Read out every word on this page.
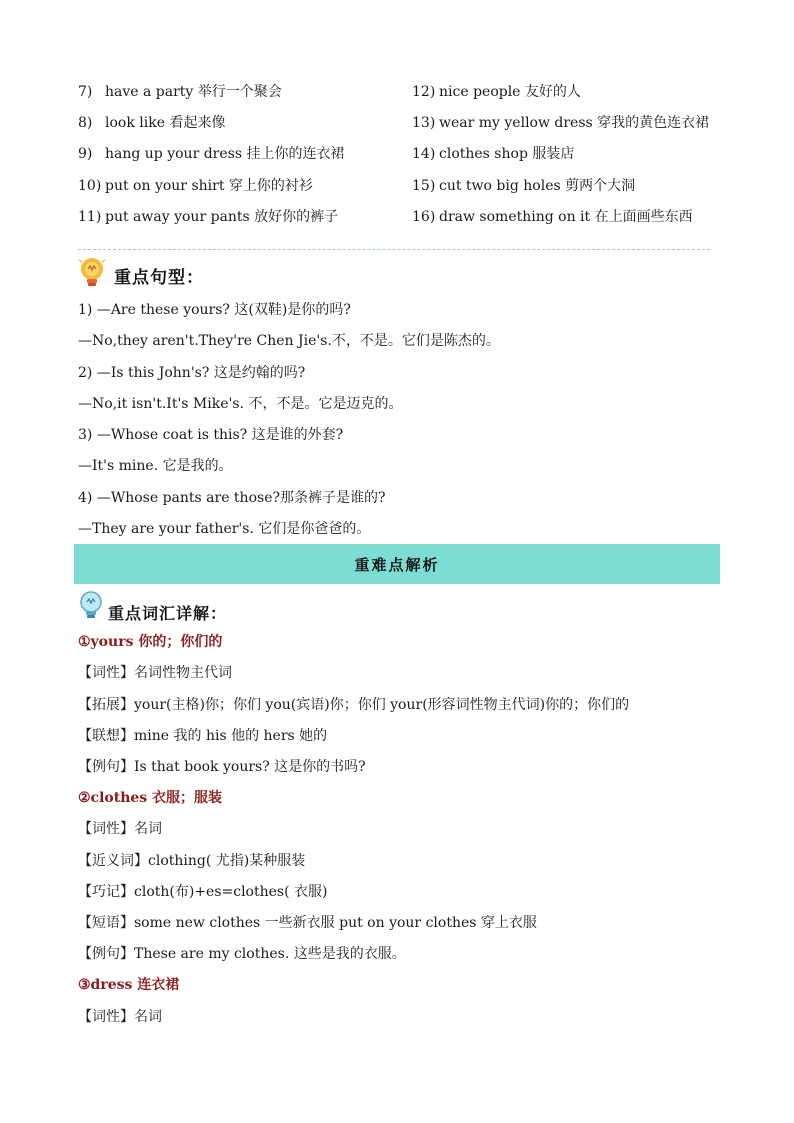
7) have a party 举行一个聚会
8) look like 看起来像
9) hang up your dress 挂上你的连衣裙
10) put on your shirt 穿上你的衬衫
11) put away your pants 放好你的裤子
12) nice people 友好的人
13) wear my yellow dress 穿我的黄色连衣裙
14) clothes shop 服装店
15) cut two big holes 剪两个大洞
16) draw something on it 在上面画些东西
重点句型：
1) —Are these yours? 这(双鞋)是你的吗?
—No,they aren't.They're Chen Jie's.不，不是。它们是陈杰的。
2) —Is this John's? 这是约翰的吗?
—No,it isn't.It's Mike's. 不，不是。它是迈克的。
3) —Whose coat is this? 这是谁的外套?
—It's mine. 它是我的。
4) —Whose pants are those?那条裤子是谁的?
—They are your father's. 它们是你爸爸的。
重难点解析
重点词汇详解：
①yours 你的；你们的
【词性】名词性物主代词
【拓展】your(主格)你；你们 you(宾语)你；你们 your(形容词性物主代词)你的；你们的
【联想】mine 我的 his 他的 hers 她的
【例句】Is that book yours? 这是你的书吗?
②clothes 衣服；服装
【词性】名词
【近义词】clothing( 尤指)某种服装
【巧记】cloth(布)+es=clothes( 衣服)
【短语】some new clothes 一些新衣服 put on your clothes 穿上衣服
【例句】These are my clothes. 这些是我的衣服。
③dress 连衣裙
【词性】名词
